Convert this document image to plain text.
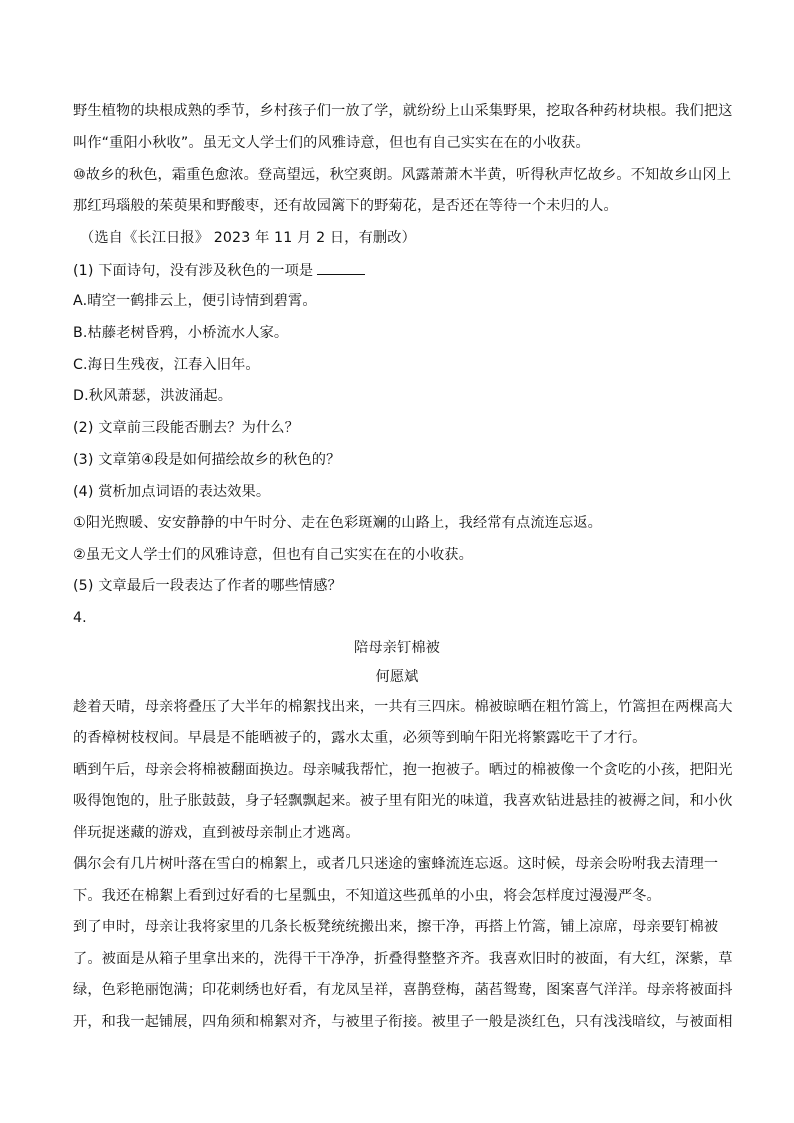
野生植物的块根成熟的季节，乡村孩子们一放了学，就纷纷上山采集野果，挖取各种药材块根。我们把这
叫作“重阳小秋收”。虽无文人学士们的风雅诗意，但也有自己实实在在的小收获。
⑩故乡的秋色，霜重色愈浓。登高望远，秋空爽朗。风露萧萧木半黄，听得秋声忆故乡。不知故乡山冈上
那红玛瑙般的茱萸果和野酸枣，还有故园篱下的野菊花，是否还在等待一个未归的人。
（选自《长江日报》 2023 年 11 月 2 日，有删改）
(1) 下面诗句，没有涉及秋色的一项是
A.晴空一鹤排云上，便引诗情到碧霄。
B.枯藤老树昏鸦，小桥流水人家。
C.海日生残夜，江春入旧年。
D.秋风萧瑟，洪波涌起。
(2) 文章前三段能否删去？为什么？
(3) 文章第④段是如何描绘故乡的秋色的？
(4) 赏析加点词语的表达效果。
①阳光煦暖、安安静静的中午时分、走在色彩斑斓的山路上，我经常有点流连忘返。
②虽无文人学士们的风雅诗意，但也有自己实实在在的小收获。
(5) 文章最后一段表达了作者的哪些情感？
4.
陪母亲钉棉被
何愿斌
趁着天晴，母亲将叠压了大半年的棉絮找出来，一共有三四床。棉被晾晒在粗竹篙上，竹篙担在两棵高大
的香樟树枝杈间。早晨是不能晒被子的，露水太重，必须等到晌午阳光将繁露吃干了才行。
晒到午后，母亲会将棉被翻面换边。母亲喊我帮忙，抱一抱被子。晒过的棉被像一个贪吃的小孩，把阳光
吸得饱饱的，肚子胀鼓鼓，身子轻飘飘起来。被子里有阳光的味道，我喜欢钻进悬挂的被褥之间，和小伙
伴玩捉迷藏的游戏，直到被母亲制止才逃离。
偶尔会有几片树叶落在雪白的棉絮上，或者几只迷途的蜜蜂流连忘返。这时候，母亲会吩咐我去清理一
下。我还在棉絮上看到过好看的七星瓢虫，不知道这些孤单的小虫，将会怎样度过漫漫严冬。
到了申时，母亲让我将家里的几条长板凳统统搬出来，擦干净，再搭上竹篙，铺上凉席，母亲要钉棉被
了。被面是从箱子里拿出来的，洗得干干净净，折叠得整整齐齐。我喜欢旧时的被面，有大红，深紫，草
绿，色彩艳丽饱满；印花刺绣也好看，有龙凤呈祥，喜鹊登梅，菡萏鸳鸯，图案喜气洋洋。母亲将被面抖
开，和我一起铺展，四角须和棉絮对齐，与被里子衔接。被里子一般是淡红色，只有浅浅暗纹，与被面相
